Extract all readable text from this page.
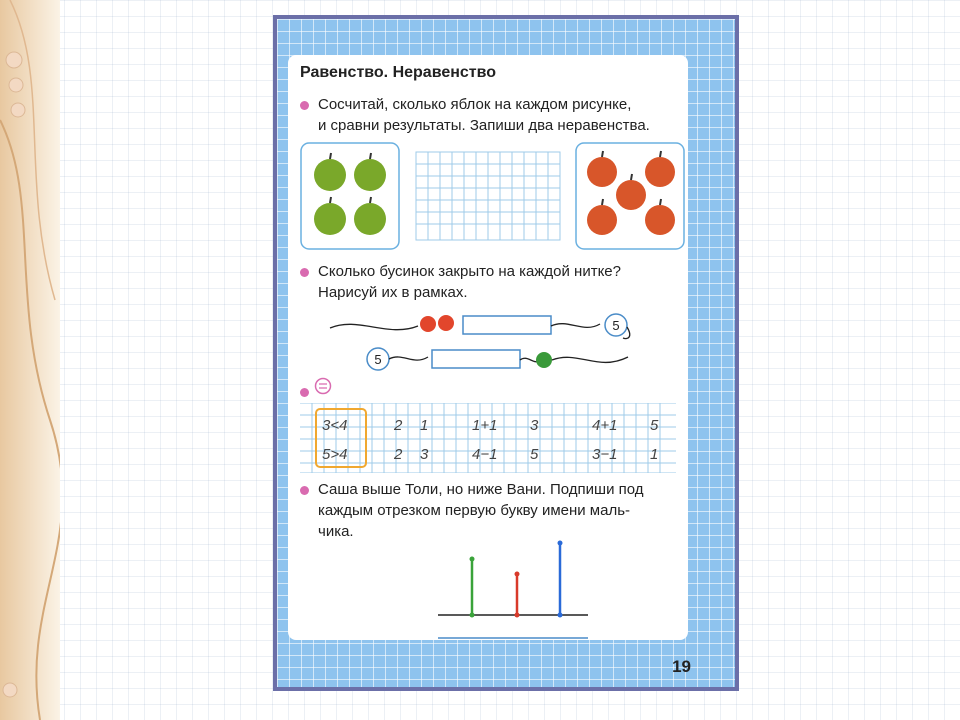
Равенство. Неравенство
Сосчитай, сколько яблок на каждом рисунке,
и сравни результаты. Запиши два неравенства.
Сколько бусинок закрыто на каждой нитке?
Нарисуй их в рамках.
5
5
3<4	2 1	1+1 3	4+1 5
5>4	2 3	4−1 5	3−1 1
Саша выше Толи, но ниже Вани. Подпиши под
каждым отрезком первую букву имени маль-
чика.
19
